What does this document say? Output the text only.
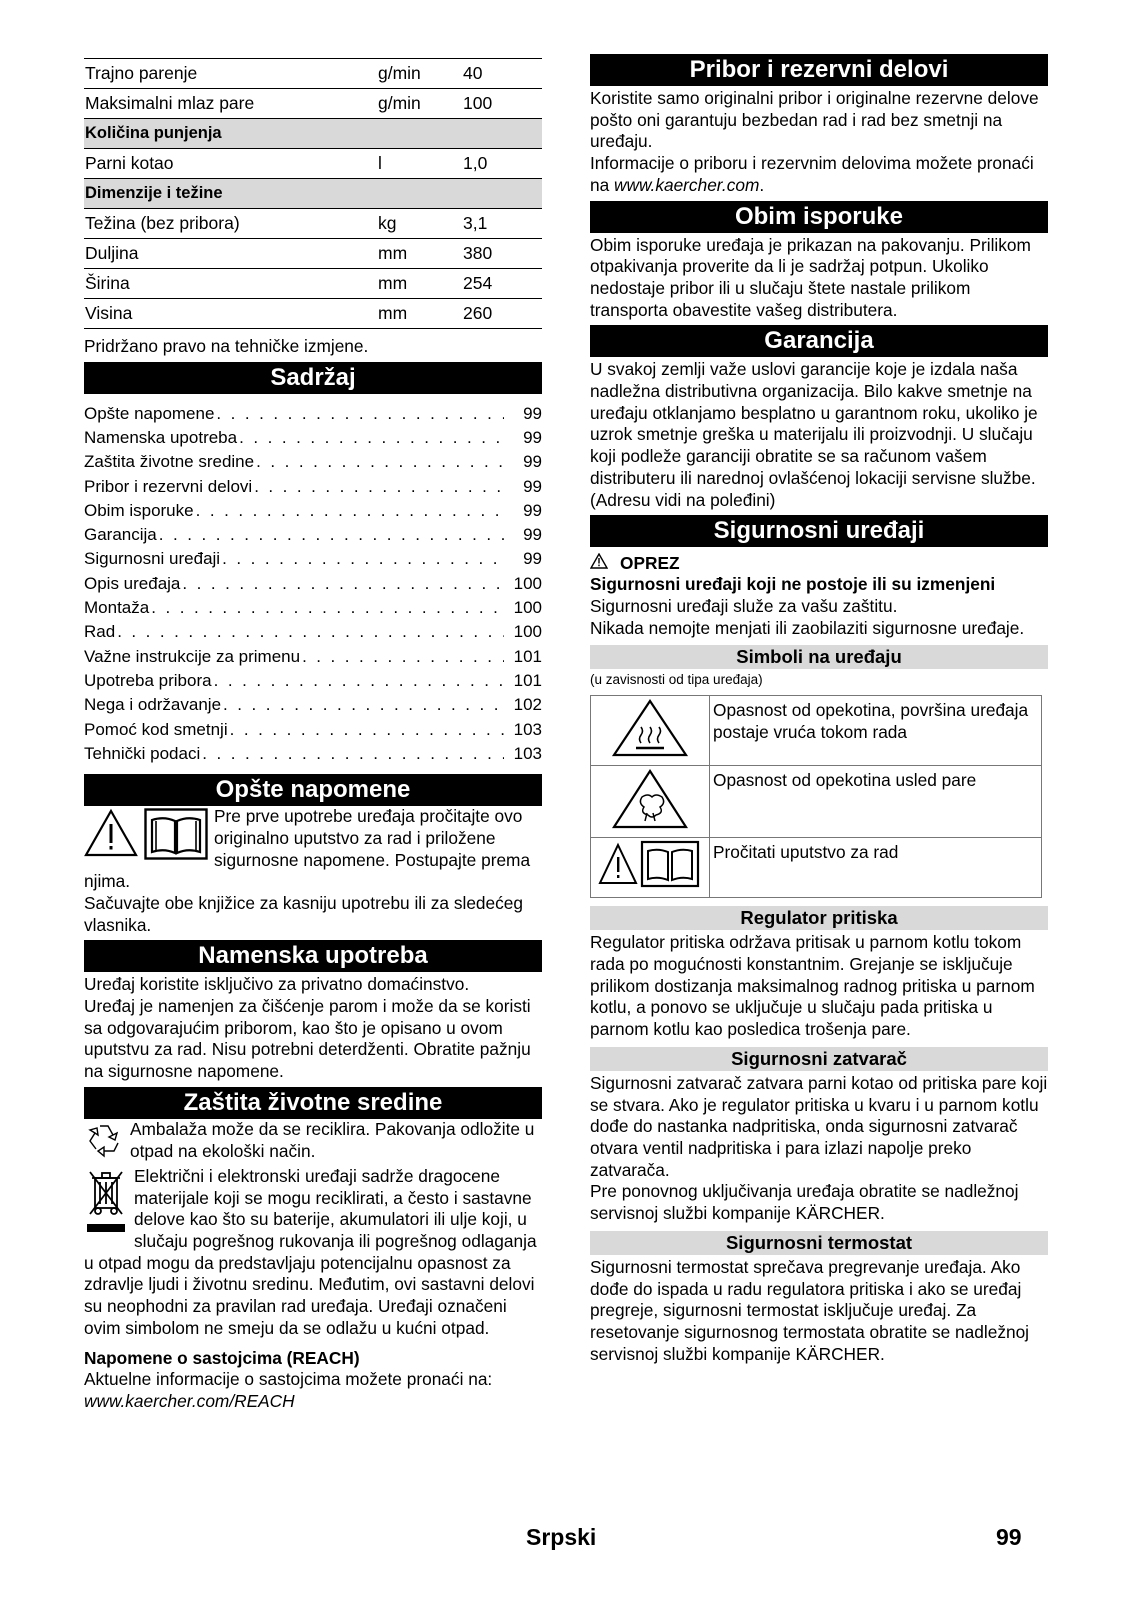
Trajno parenje	g/min	40
Maksimalni mlaz pare	g/min	100
Količina punjenja		
Parni kotao	l	1,0
Dimenzije i težine		
Težina (bez pribora)	kg	3,1
Duljina	mm	380
Širina	mm	254
Visina	mm	260

Pridržano pravo na tehničke izmjene.

Sadržaj
Opšte napomene . . .	99
Namenska upotreba . . .	99
Zaštita životne sredine . . .	99
Pribor i rezervni delovi . . .	99
Obim isporuke . . .	99
Garancija . . .	99
Sigurnosni uređaji . . .	99
Opis uređaja . . .	100
Montaža . . .	100
Rad . . .	100
Važne instrukcije za primenu . . .	101
Upotreba pribora . . .	101
Nega i održavanje . . .	102
Pomoć kod smetnji . . .	103
Tehnički podaci . . .	103
Opšte napomene

Pre prve upotrebe uređaja pročitajte ovo originalno uputstvo za rad i priložene sigurnosne napomene. Postupajte prema njima.

Sačuvajte obe knjižice za kasniju upotrebu ili za sledećeg vlasnika.

Namenska upotreba

Uređaj koristite isključivo za privatno domaćinstvo.

Uređaj je namenjen za čišćenje parom i može da se koristi sa odgovarajućim priborom, kao što je opisano u ovom uputstvu za rad. Nisu potrebni deterdženti. Obratite pažnju na sigurnosne napomene.

Zaštita životne sredine

Ambalaža može da se reciklira. Pakovanja odložite u otpad na ekološki način.

Električni i elektronski uređaji sadrže dragocene materijale koji se mogu reciklirati, a često i sastavne delove kao što su baterije, akumulatori ili ulje koji, u slučaju pogrešnog rukovanja ili pogrešnog odlaganja u otpad mogu da predstavljaju potencijalnu opasnost za zdravlje ljudi i životnu sredinu. Međutim, ovi sastavni delovi su neophodni za pravilan rad uređaja. Uređaji označeni ovim simbolom ne smeju da se odlažu u kućni otpad.

Napomene o sastojcima (REACH)

Aktuelne informacije o sastojcima možete pronaći na:

www.kaercher.com/REACH

Pribor i rezervni delovi

Koristite samo originalni pribor i originalne rezervne delove pošto oni garantuju bezbedan rad i rad bez smetnji na uređaju.

Informacije o priboru i rezervnim delovima možete pronaći na www.kaercher.com.

Obim isporuke

Obim isporuke uređaja je prikazan na pakovanju. Prilikom otpakivanja proverite da li je sadržaj potpun. Ukoliko nedostaje pribor ili u slučaju štete nastale prilikom transporta obavestite vašeg distributera.

Garancija

U svakoj zemlji važe uslovi garancije koje je izdala naša nadležna distributivna organizacija. Bilo kakve smetnje na uređaju otklanjamo besplatno u garantnom roku, ukoliko je uzrok smetnje greška u materijalu ili proizvodnji. U slučaju koji podleže garanciji obratite se sa računom vašem distributeru ili narednoj ovlašćenoj lokaciji servisne službe.

(Adresu vidi na poleđini)

Sigurnosni uređaji
OPREZ

Sigurnosni uređaji koji ne postoje ili su izmenjeni

Sigurnosni uređaji služe za vašu zaštitu.

Nikada nemojte menjati ili zaobilaziti sigurnosne uređaje.

Simboli na uređaju

(u zavisnosti od tipa uređaja)

	Opasnost od opekotina, površina uređaja postaje vruća tokom rada
	Opasnost od opekotina usled pare
	Pročitati uputstvo za rad
Regulator pritiska

Regulator pritiska održava pritisak u parnom kotlu tokom rada po mogućnosti konstantnim. Grejanje se isključuje prilikom dostizanja maksimalnog radnog pritiska u parnom kotlu, a ponovo se uključuje u slučaju pada pritiska u parnom kotlu kao posledica trošenja pare.

Sigurnosni zatvarač

Sigurnosni zatvarač zatvara parni kotao od pritiska pare koji se stvara. Ako je regulator pritiska u kvaru i u parnom kotlu dođe do nastanka nadpritiska, onda sigurnosni zatvarač otvara ventil nadpritiska i para izlazi napolje preko zatvarača.

Pre ponovnog uključivanja uređaja obratite se nadležnoj servisnoj službi kompanije KÄRCHER.

Sigurnosni termostat

Sigurnosni termostat sprečava pregrevanje uređaja. Ako dođe do ispada u radu regulatora pritiska i ako se uređaj pregreje, sigurnosni termostat isključuje uređaj. Za resetovanje sigurnosnog termostata obratite se nadležnoj servisnoj službi kompanije KÄRCHER.

Srpski	99
